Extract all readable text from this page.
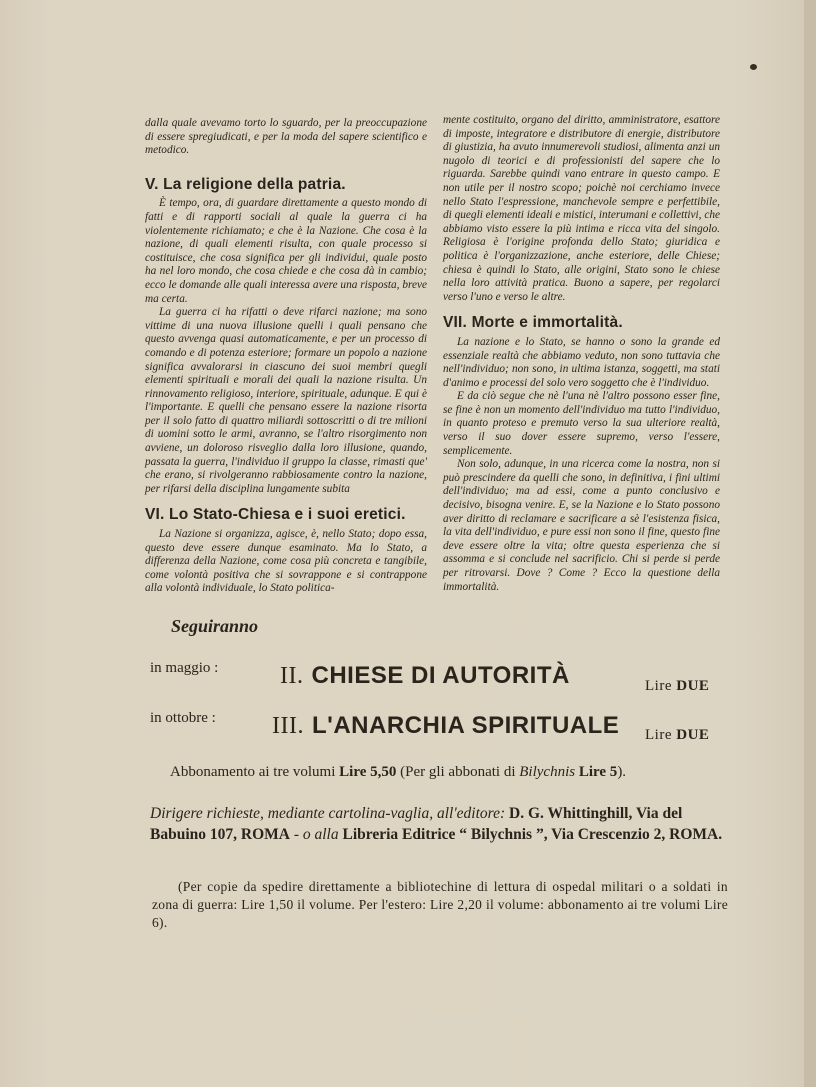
dalla quale avevamo torto lo sguardo, per la preoccupazione di essere spregiudicati, e per la moda del sapere scientifico e metodico.

V. La religione della patria.

È tempo, ora, di guardare direttamente a questo mondo di fatti e di rapporti sociali al quale la guerra ci ha violentemente richiamato; e che è la Nazione. Che cosa è la nazione, di quali elementi risulta, con quale processo si costituisce, che cosa significa per gli individui, quale posto ha nel loro mondo, che cosa chiede e che cosa dà in cambio; ecco le domande alle quali interessa avere una risposta, breve ma certa.

La guerra ci ha rifatti o deve rifarci nazione; ma sono vittime di una nuova illusione quelli i quali pensano che questo avvenga quasi automaticamente, e per un processo di comando e di potenza esteriore; formare un popolo a nazione significa avvalorarsi in ciascuno dei suoi membri quegli elementi spirituali e morali dei quali la nazione risulta. Un rinnovamento religioso, interiore, spirituale, adunque. E qui è l'importante. E quelli che pensano essere la nazione risorta per il solo fatto di quattro miliardi sottoscritti o di tre milioni di uomini sotto le armi, avranno, se l'altro risorgimento non avviene, un doloroso risveglio dalla loro illusione, quando, passata la guerra, l'individuo il gruppo la classe, rimasti que' che erano, si rivolgeranno rabbiosamente contro la nazione, per rifarsi della disciplina lungamente subita

VI. Lo Stato-Chiesa e i suoi eretici.

La Nazione si organizza, agisce, è, nello Stato; dopo essa, questo deve essere dunque esaminato. Ma lo Stato, a differenza della Nazione, come cosa più concreta e tangibile, come volontà positiva che si sovrappone e si contrappone alla volontà individuale, lo Stato politica-

mente costituito, organo del diritto, amministratore, esattore di imposte, integratore e distributore di energie, distributore di giustizia, ha avuto innumerevoli studiosi, alimenta anzi un nugolo di teorici e di professionisti del sapere che lo riguarda. Sarebbe quindi vano entrare in questo campo. E non utile per il nostro scopo; poichè noi cerchiamo invece nello Stato l'espressione, manchevole sempre e perfettibile, di quegli elementi ideali e mistici, interumani e collettivi, che abbiamo visto essere la più intima e ricca vita del singolo. Religiosa è l'origine profonda dello Stato; giuridica e politica è l'organizzazione, anche esteriore, delle Chiese; chiesa è quindi lo Stato, alle origini, Stato sono le chiese nella loro attività pratica. Buono a sapere, per regolarci verso l'uno e verso le altre.

VII. Morte e immortalità.

La nazione e lo Stato, se hanno o sono la grande ed essenziale realtà che abbiamo veduto, non sono tuttavia che nell'individuo; non sono, in ultima istanza, soggetti, ma stati d'animo e processi del solo vero soggetto che è l'individuo.

E da ciò segue che nè l'una nè l'altro possono esser fine, se fine è non un momento dell'individuo ma tutto l'individuo, in quanto proteso e premuto verso la sua ulteriore realtà, verso il suo dover essere supremo, verso l'essere, semplicemente.

Non solo, adunque, in una ricerca come la nostra, non si può prescindere da quelli che sono, in definitiva, i fini ultimi dell'individuo; ma ad essi, come a punto conclusivo e decisivo, bisogna venire. E, se la Nazione e lo Stato possono aver diritto di reclamare e sacrificare a sè l'esistenza fisica, la vita dell'individuo, e pure essi non sono il fine, questo fine deve essere oltre la vita; oltre questa esperienza che si assomma e si conclude nel sacrificio. Chi si perde si perde per ritrovarsi. Dove ? Come ? Ecco la questione della immortalità.

Seguiranno
in maggio :	II. CHIESE DI AUTORITÀ	Lire DUE
in ottobre : III. L'ANARCHIA SPIRITUALE Lire DUE
Abbonamento ai tre volumi Lire 5,50 (Per gli abbonati di Bilychnis Lire 5).
Dirigere richieste, mediante cartolina-vaglia, all'editore: D. G. Whittinghill, Via del Babuino 107, ROMA - o alla Libreria Editrice “ Bilychnis ”, Via Crescenzio 2, ROMA.
(Per copie da spedire direttamente a bibliotechine di lettura di ospedal militari o a soldati in zona di guerra: Lire 1,50 il volume. Per l'estero: Lire 2,20 il volume: abbonamento ai tre volumi Lire 6).
